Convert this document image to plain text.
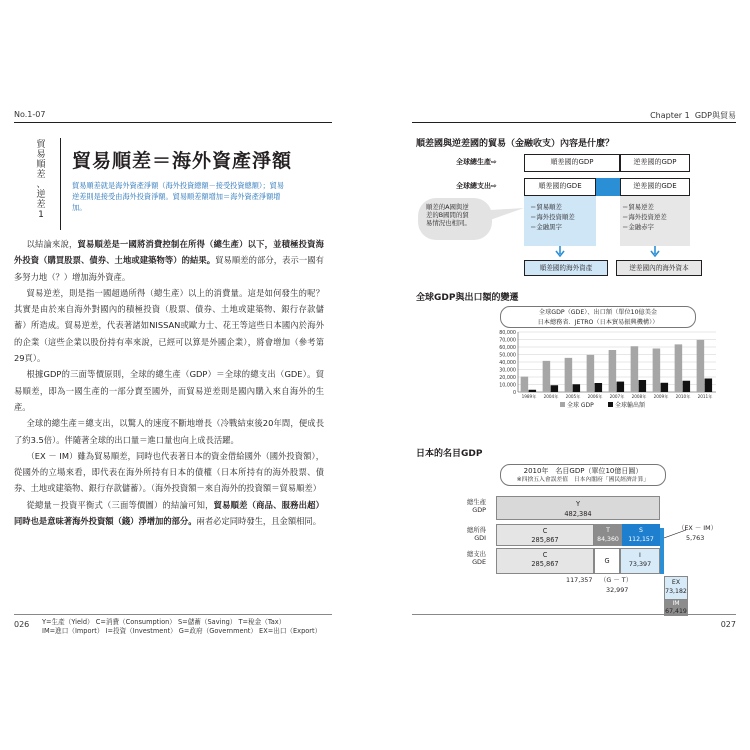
No.1-07
貿
易
順
差
、
逆
差
1
貿易順差＝海外資產淨額
貿易順差就是海外資產淨額（海外投資總額－接受投資總額）；貿易
逆差則是接受由海外投資淨額。貿易順差額增加＝海外資產淨額增
加。

以結論來說，貿易順差是一國將消費控制在所得（總生產）以下，並積極投資海外投資（購買股票、債券、土地或建築物等）的結果。貿易順差的部分，表示一國有多努力地（？）增加海外資產。

貿易逆差，則是指一國超過所得（總生產）以上的消費量。這是如何發生的呢？其實是由於來自海外對國內的積極投資（股票、債券、土地或建築物、銀行存款儲蓄）所造成。貿易逆差，代表著諸如NISSAN或歐力士、花王等這些日本國內於海外的企業（這些企業以股份持有率來說，已經可以算是外國企業），將會增加（參考第29頁）。

根據GDP的三面等價原則，全球的總生產（GDP）＝全球的總支出（GDE）。貿易順差，即為一國生產的一部分賣至國外，而貿易逆差則是國內購入來自海外的生產。

全球的總生產＝總支出，以驚人的速度不斷地增長（冷戰結束後20年間，便成長了約3.5倍）。伴隨著全球的出口量＝進口量也向上成長活躍。

（EX － IM）雖為貿易順差，同時也代表著日本的資金借給國外（國外投資額），從國外的立場來看，即代表在海外所持有日本的債權（日本所持有的海外股票、債券、土地或建築物、銀行存款儲蓄）。（海外投資額－來自海外的投資額＝貿易順差）

從總量－投資平衡式（三面等價圖）的結論可知，貿易順差（商品、服務出超）同時也是意味著海外投資額（錢）淨增加的部分。兩者必定同時發生，且金額相同。

026 Y=生產（Yield） C=消費（Consumption） S=儲蓄（Saving） T=稅金（Tax）
IM=進口（Import） I=投資（Investment） G=政府（Government） EX=出口（Export）
Chapter 1 GDP與貿易
順差國與逆差國的貿易（金融收支）內容是什麼？
全球總生產⇨
全球總支出⇨
順差國的GDP	逆差國的GDP
順差國的GDE	逆差國的GDE
順差的A國與逆
差的B國間的貿
易情況也相同。
＝貿易順差
＝海外投資順差
＝金融黑字
＝貿易逆差
＝海外投資逆差
＝金融赤字
順差國的海外資產	逆差國內的海外資本
全球GDP與出口額的變遷
全球GDP（GDE）、出口額（單位10億美金
日本總務省．JETRO（日本貿易振興機構））
0
10,000
20,000
30,000
40,000
50,000
60,000
70,000
80,000
1989年 2004年 2005年 2006年 2007年 2008年 2009年 2010年 2011年
全球 GDP	全球輸出額
日本的名目GDP
2010年　名目GDP（單位10億日圓）
※四捨五入會誤差值　日本內閣府「國民經濟計算」
總生產
GDP
總所得
GDI
總支出
GDE
Y
482,384
C
285,867
T
84,360
S
112,157
C
285,867	G
I
73,397
（EX － IM）
5,763
117,357 （G － T）
32,997
EX
73,182
IM
67,419
027
